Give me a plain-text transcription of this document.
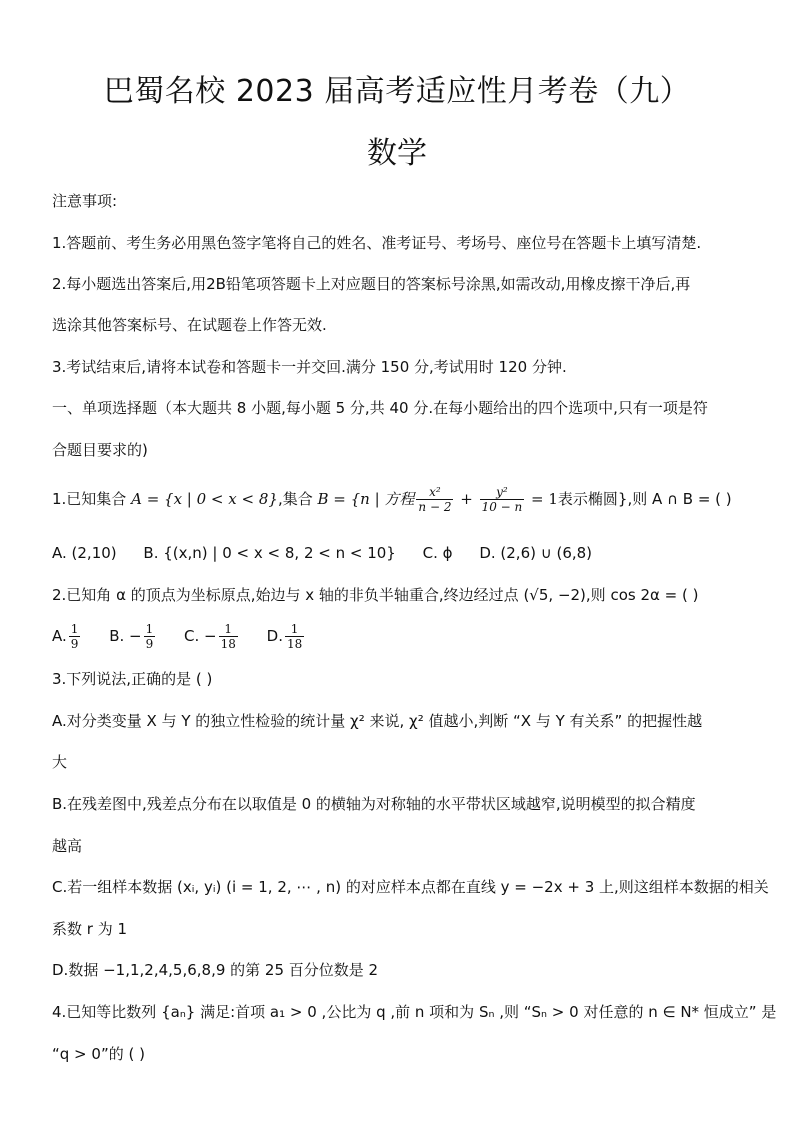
巴蜀名校 2023 届高考适应性月考卷（九）
数学
注意事项:
1.答题前、考生务必用黑色签字笔将自己的姓名、准考证号、考场号、座位号在答题卡上填写清楚.
2.每小题选出答案后,用2B铅笔项答题卡上对应题目的答案标号涂黑,如需改动,用橡皮擦干净后,再
选涂其他答案标号、在试题卷上作答无效.
3.考试结束后,请将本试卷和答题卡一并交回.满分 150 分,考试用时 120 分钟.
一、单项选择题（本大题共 8 小题,每小题 5 分,共 40 分.在每小题给出的四个选项中,只有一项是符
合题目要求的)
1.已知集合 A = {x | 0 < x < 8},集合 B = {n | 方程 $\frac{\text{x²}}{n - 2} + \frac{\text{y²}}{10 - n} = 1$表示椭圆},则 A ∩ B = ( )
A. (2,10) B. {(x,n) | 0 < x < 8, 2 < n < 10} C. ϕ D. (2,6) ∪ (6,8)
2.已知角 α 的顶点为坐标原点,始边与 x 轴的非负半轴重合,终边经过点 (√5, −2),则 cos 2α = ( )
A. $\frac{1}{9} B$. − $\frac{1}{9} C$. − $\frac{1}{18} D$. $\frac{1}{18}$
3.下列说法,正确的是 ( )
A.对分类变量 X 与 Y 的独立性检验的统计量 χ² 来说, χ² 值越小,判断 “X 与 Y 有关系” 的把握性越
大
B.在残差图中,残差点分布在以取值是 0 的横轴为对称轴的水平带状区域越窄,说明模型的拟合精度
越高
C.若一组样本数据 (xᵢ, yᵢ) (i = 1, 2, ⋯ , n) 的对应样本点都在直线 y = −2x + 3 上,则这组样本数据的相关
系数 r 为 1
D.数据 −1,1,2,4,5,6,8,9 的第 25 百分位数是 2
4.已知等比数列 {aₙ} 满足:首项 a₁ > 0 ,公比为 q ,前 n 项和为 Sₙ ,则 “Sₙ > 0 对任意的 n ∈ N* 恒成立” 是
“q > 0”的 ( )
